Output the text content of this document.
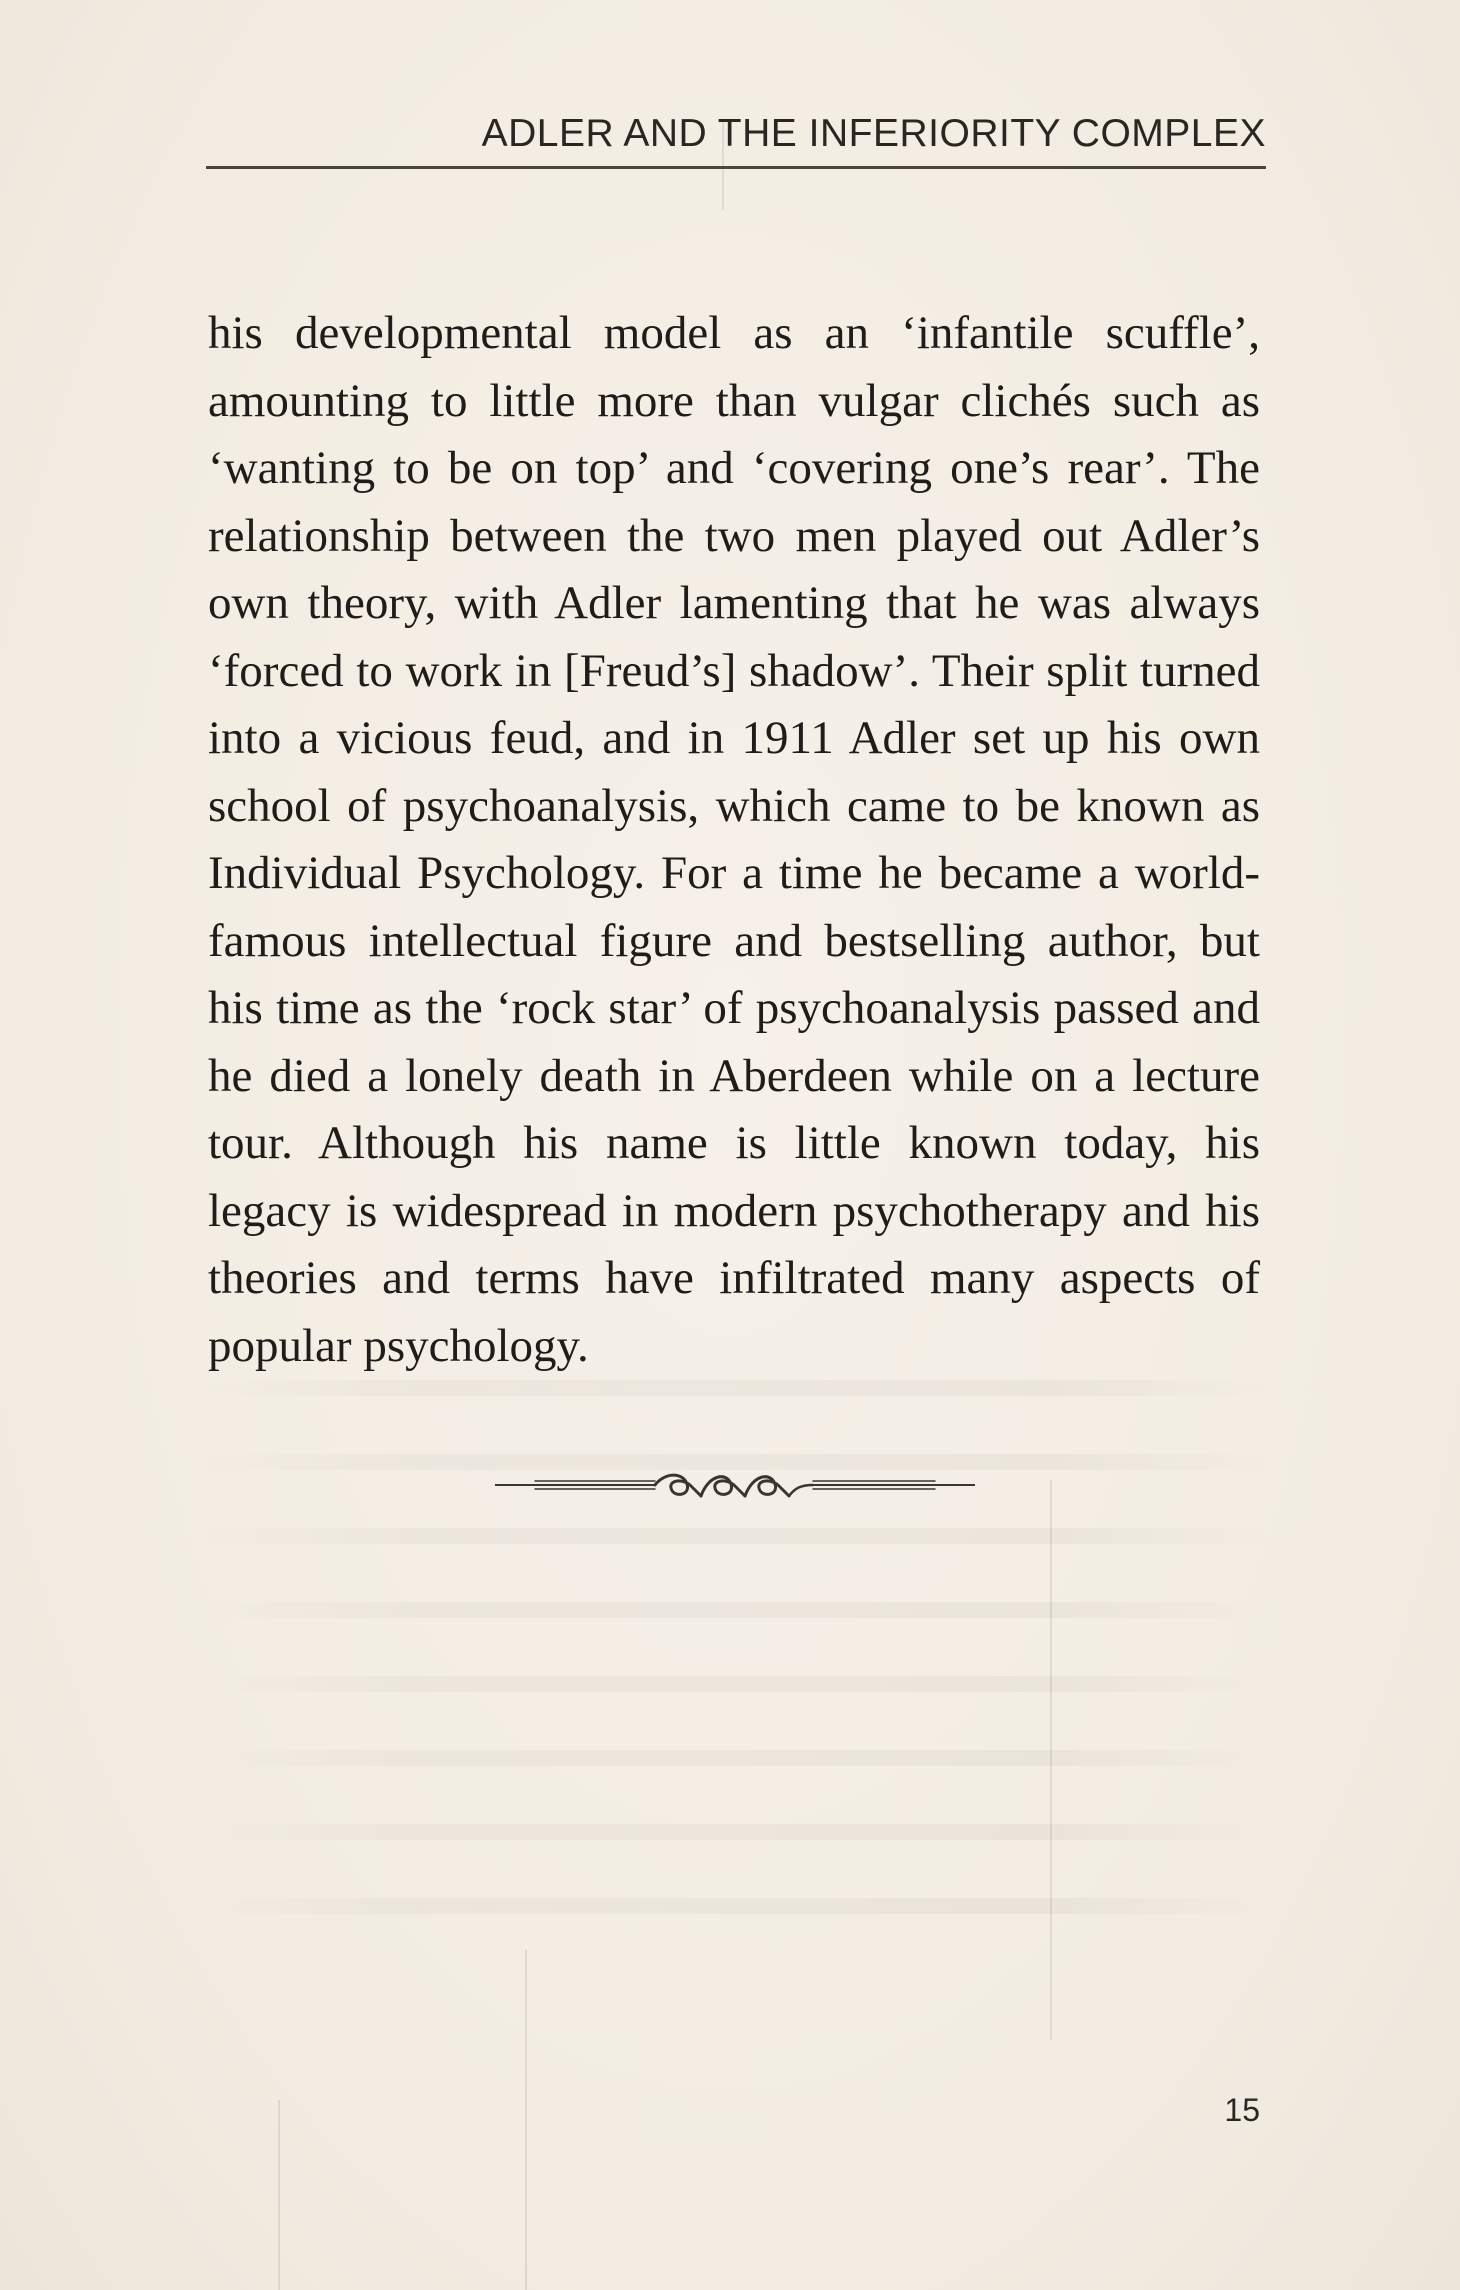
ADLER AND THE INFERIORITY COMPLEX

his developmental model as an ‘infantile scuffle’, amounting to little more than vulgar clichés such as ‘wanting to be on top’ and ‘covering one’s rear’. The relationship between the two men played out Adler’s own theory, with Adler lamenting that he was always ‘forced to work in [Freud’s] shadow’. Their split turned into a vicious feud, and in 1911 Adler set up his own school of psychoanalysis, which came to be known as Individual Psychology. For a time he became a world-famous intellectual figure and bestselling author, but his time as the ‘rock star’ of psychoanalysis passed and he died a lonely death in Aberdeen while on a lecture tour. Although his name is little known today, his legacy is widespread in modern psychotherapy and his theories and terms have infiltrated many aspects of popular psychology.

15
